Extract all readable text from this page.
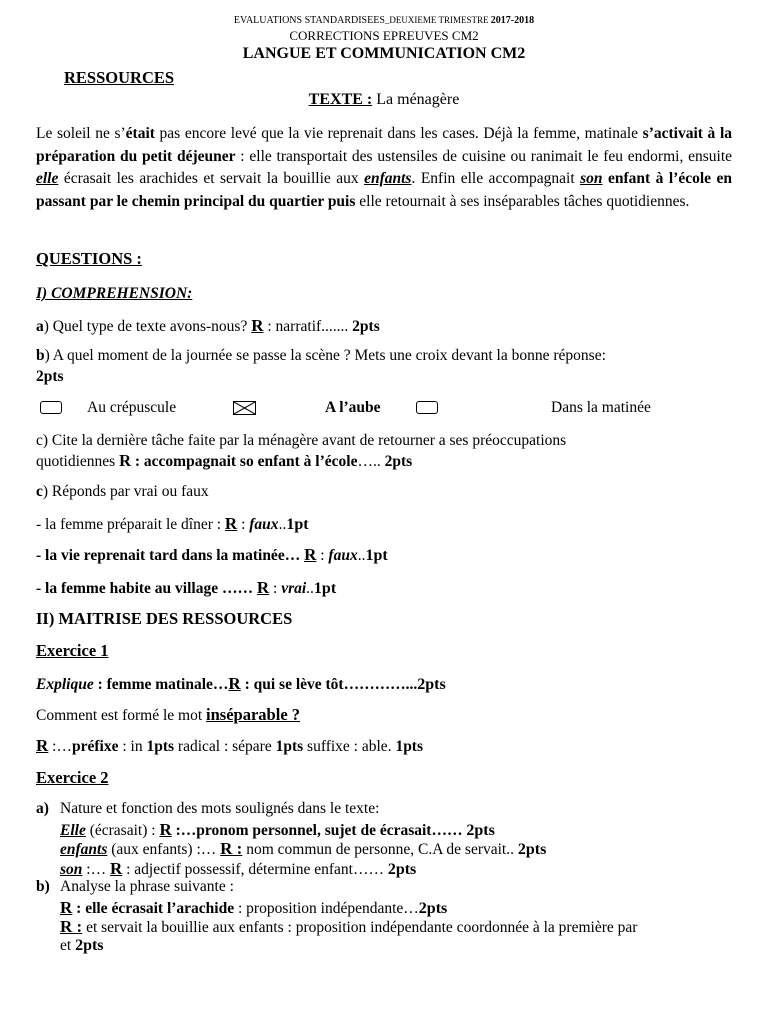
EVALUATIONS STANDARDISEES_DEUXIEME TRIMESTRE 2017-2018
CORRECTIONS EPREUVES CM2
LANGUE ET COMMUNICATION CM2
RESSOURCES
TEXTE : La ménagère
Le soleil ne s’était pas encore levé que la vie reprenait dans les cases. Déjà la femme, matinale s’activait à la préparation du petit déjeuner : elle transportait des ustensiles de cuisine ou ranimait le feu endormi, ensuite elle écrasait les arachides et servait la bouillie aux enfants. Enfin elle accompagnait son enfant à l’école en passant par le chemin principal du quartier puis elle retournait à ses inséparables tâches quotidiennes.
QUESTIONS :
I) COMPREHENSION:
a) Quel type de texte avons-nous? R : narratif....... 2pts
b) A quel moment de la journée se passe la scène ? Mets une croix devant la bonne réponse:
2pts
Au crépuscule	A l’aube	Dans la matinée
c) Cite la dernière tâche faite par la ménagère avant de retourner a ses préoccupations
quotidiennes R : accompagnait so enfant à l’école….. 2pts
c) Réponds par vrai ou faux
- la femme préparait le dîner : R : faux..1pt
- la vie reprenait tard dans la matinée… R : faux..1pt
- la femme habite au village …… R : vrai..1pt
II) MAITRISE DES RESSOURCES
Exercice 1
Explique : femme matinale…R : qui se lève tôt…………...2pts
Comment est formé le mot inséparable ?
R :…préfixe : in 1pts radical : sépare 1pts suffixe : able. 1pts
Exercice 2
a) Nature et fonction des mots soulignés dans le texte:
Elle (écrasait) : R :…pronom personnel, sujet de écrasait…… 2pts
enfants (aux enfants) :… R : nom commun de personne, C.A de servait.. 2pts
son :… R : adjectif possessif, détermine enfant…… 2pts
b) Analyse la phrase suivante :
R : elle écrasait l’arachide : proposition indépendante…2pts
R : et servait la bouillie aux enfants : proposition indépendante coordonnée à la première par
et 2pts
